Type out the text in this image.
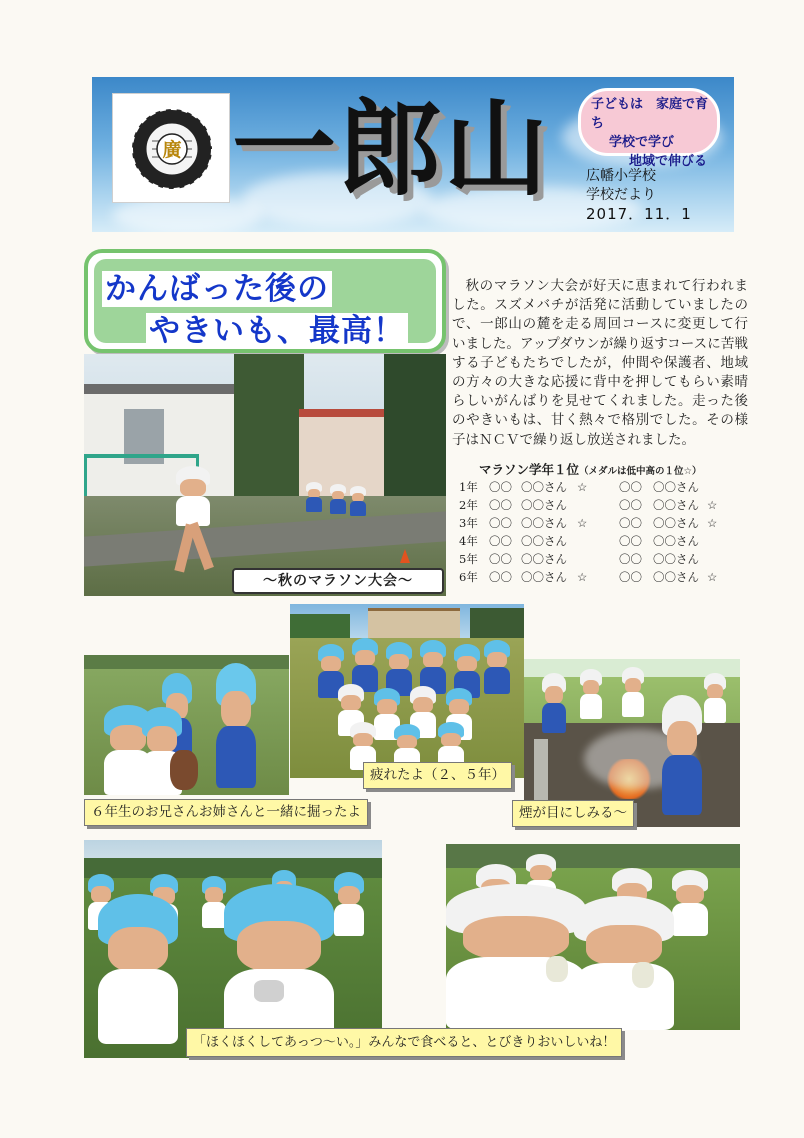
廣 一郎山	子どもは　家庭で育ち
学校で学び
地域で伸びる
広幡小学校
学校だより
2017．11．1
かんばった後の
やきいも、最高！

秋のマラソン大会が好天に恵まれて行われました。スズメバチが活発に活動していましたので、一郎山の麓を走る周回コースに変更して行いました。アップダウンが繰り返すコースに苦戦する子どもたちでしたが，仲間や保護者、地域の方々の大きな応援に背中を押してもらい素晴らしいがんばりを見せてくれました。走った後のやきいもは、甘く熱々で格別でした。その様子はＮＣＶで繰り返し放送されました。

マラソン学年１位（メダルは低中高の１位☆）
1年 〇〇 〇〇さん ☆	〇〇 〇〇さん
2年 〇〇 〇〇さん	〇〇 〇〇さん ☆
3年 〇〇 〇〇さん ☆	〇〇 〇〇さん ☆
4年 〇〇 〇〇さん	〇〇 〇〇さん
5年 〇〇 〇〇さん	〇〇 〇〇さん
6年 〇〇 〇〇さん ☆	〇〇 〇〇さん ☆
～秋のマラソン大会～
６年生のお兄さんお姉さんと一緒に掘ったよ
疲れたよ（２、５年）
煙が目にしみる～
「ほくほくしてあっつ～い。」みんなで食べると、とびきりおいしいね！
